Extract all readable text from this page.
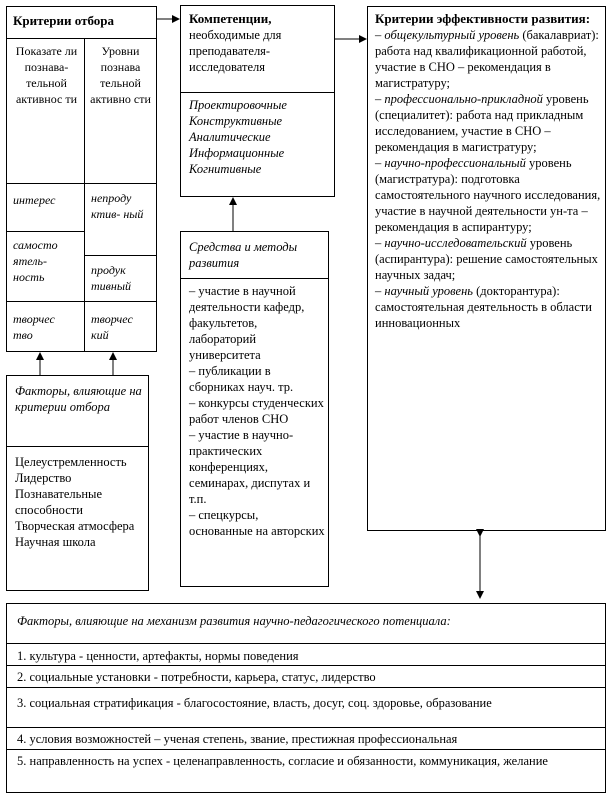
Критерии отбора
Показате ли познава- тельной активнос ти
Уровни познава тельной активно сти
интерес
самосто ятель- ность
творчес тво
непроду ктив- ный
продук тивный
творчес кий
Компетенции,
необходимые для преподавателя- исследователя
Проектировочные
Конструктивные
Аналитические
Информационные
Когнитивные
Средства и методы развития
– участие в научной деятельности кафедр, факультетов, лабораторий университета
– публикации в сборниках науч. тр.
– конкурсы студенческих работ членов СНО
– участие в научно-практических конференциях, семинарах, диспутах и т.п.
– спецкурсы, основанные на авторских
Критерии эффективности развития:
– общекультурный уровень (бакалавриат): работа над квалификационной работой, участие в СНО – рекомендация в магистратуру;
– профессионально-прикладной уровень (специалитет): работа над прикладным исследованием, участие в СНО – рекомендация в магистратуру;
– научно-профессиональный уровень (магистратура): подготовка самостоятельного научного исследования, участие в научной деятельности ун-та – рекомендация в аспирантуру;
– научно-исследовательский уровень (аспирантура): решение самостоятельных научных задач;
– научный уровень (докторантура): самостоятельная деятельность в области инновационных
Факторы, влияющие на критерии отбора
Целеустремленность
Лидерство
Познавательные способности
Творческая атмосфера
Научная школа
Факторы, влияющие на механизм развития научно-педагогического потенциала:
1. культура - ценности, артефакты, нормы поведения
2. социальные установки - потребности, карьера, статус, лидерство
3. социальная стратификация - благосостояние, власть, досуг, соц. здоровье, образование
4. условия возможностей – ученая степень, звание, престижная профессиональная
5. направленность на успех - целенаправленность, согласие и обязанности, коммуникация, желание
